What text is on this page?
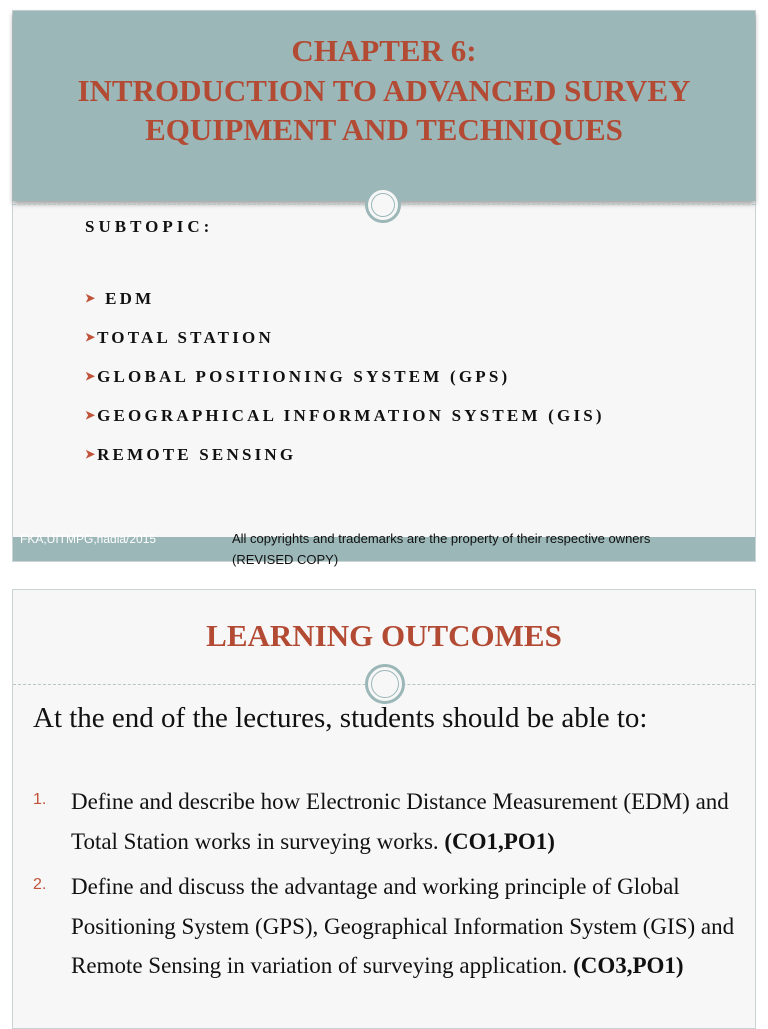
CHAPTER 6:
INTRODUCTION TO ADVANCED SURVEY
EQUIPMENT AND TECHNIQUES
SUBTOPIC:
➤ EDM
➤ TOTAL STATION
➤ GLOBAL POSITIONING SYSTEM (GPS)
➤ GEOGRAPHICAL INFORMATION SYSTEM (GIS)
➤ REMOTE SENSING
FKA,UITMPG,nadia/2015	All copyrights and trademarks are the property of their respective owners
(REVISED COPY)
LEARNING OUTCOMES
At the end of the lectures, students should be able to:
1. Define and describe how Electronic Distance Measurement (EDM) and Total Station works in surveying works. (CO1,PO1)
2. Define and discuss the advantage and working principle of Global Positioning System (GPS), Geographical Information System (GIS) and Remote Sensing in variation of surveying application. (CO3,PO1)
